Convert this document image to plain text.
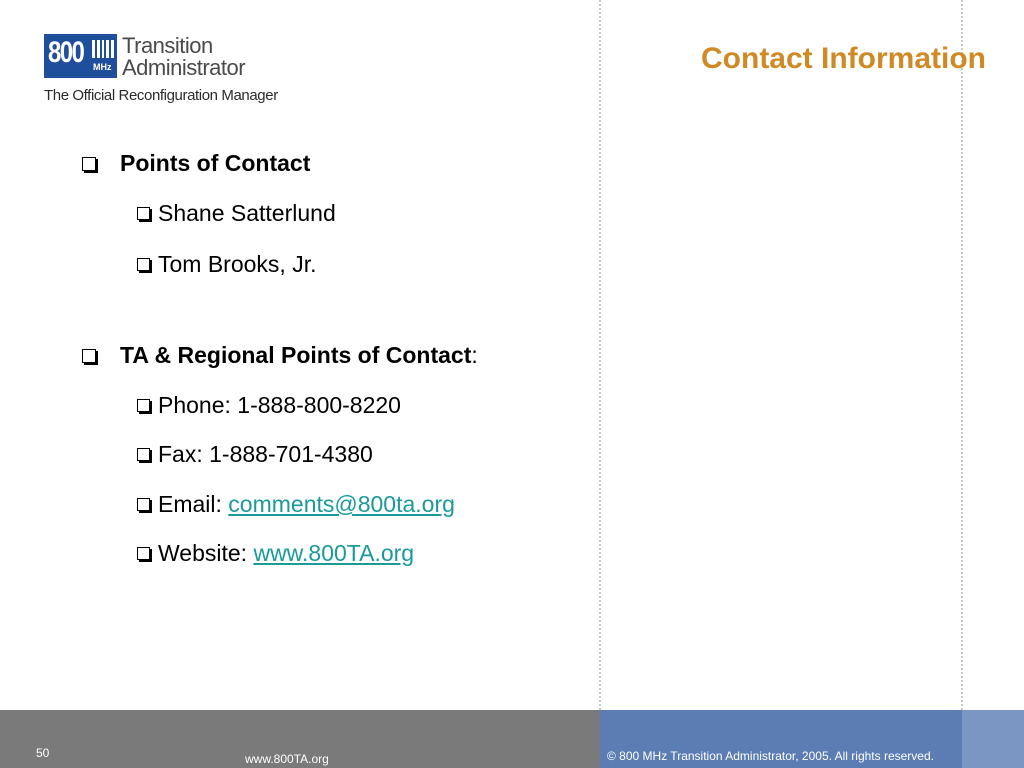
800 MHz
Transition
Administrator
The Official Reconfiguration Manager
Contact Information
Points of Contact
Shane Satterlund
Tom Brooks, Jr.
TA & Regional Points of Contact :
Phone: 1-888-800-8220
Fax: 1-888-701-4380
Email: comments@800ta.org
Website: www.800TA.org
50	www.800TA.org	© 800 MHz Transition Administrator, 2005. All rights reserved.
